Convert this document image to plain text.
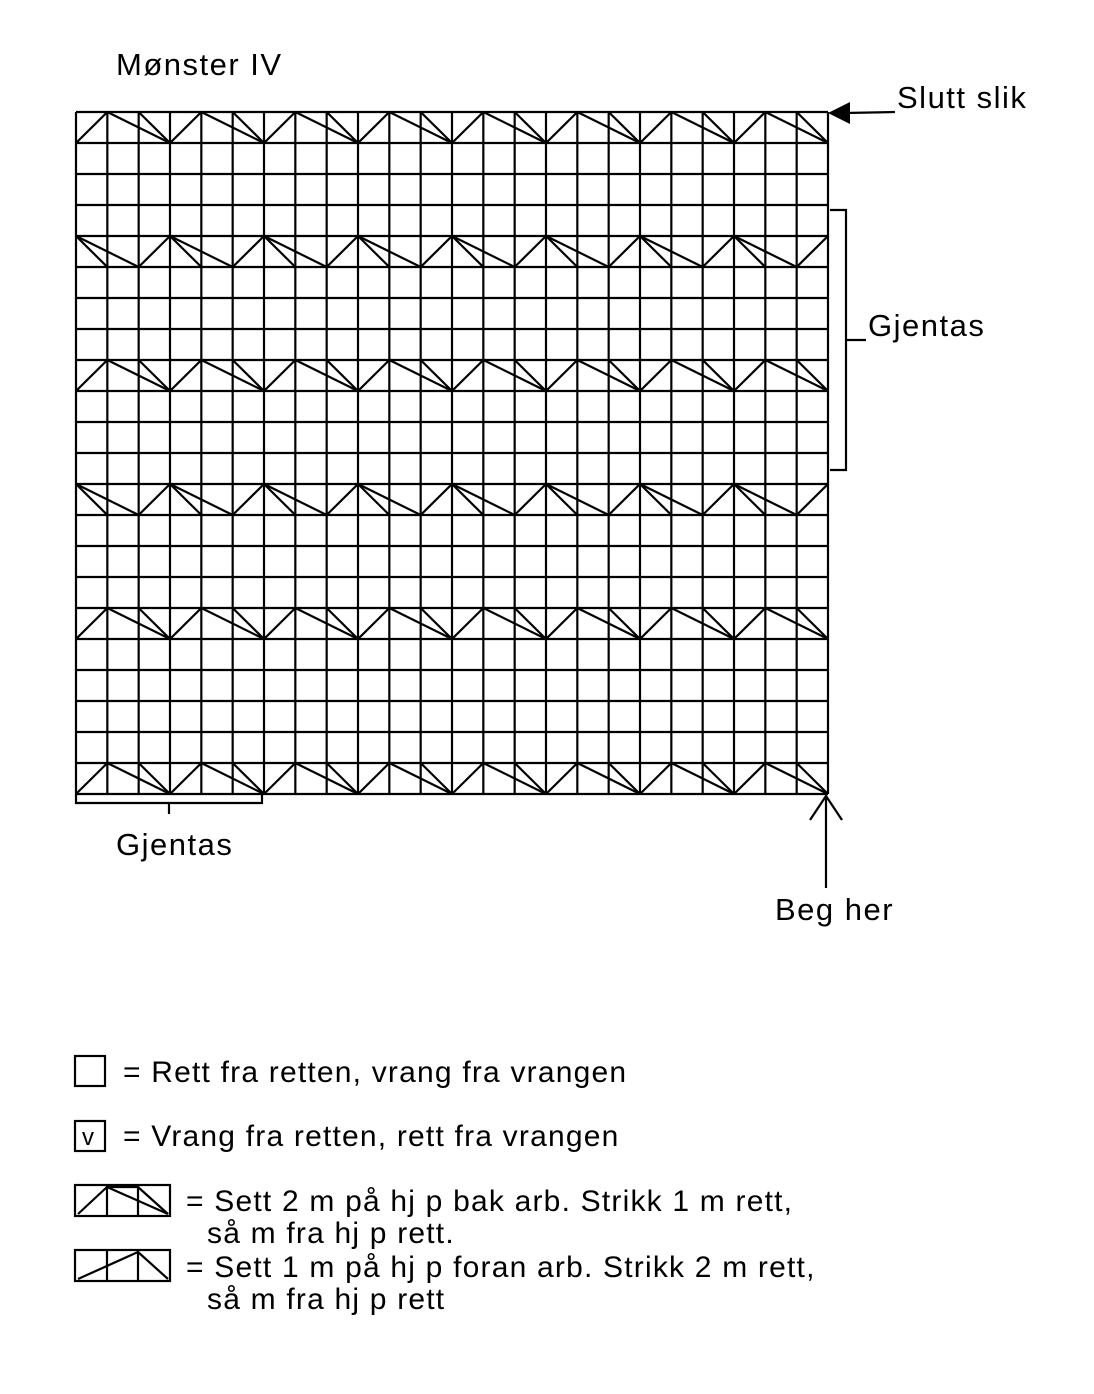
Mønster IV
Slutt slik
Gjentas
Gjentas
Beg her
= Rett fra retten, vrang fra vrangen
v = Vrang fra retten, rett fra vrangen
= Sett 2 m på hj p bak arb. Strikk 1 m rett,
så m fra hj p rett.
= Sett 1 m på hj p foran arb. Strikk 2 m rett,
så m fra hj p rett
